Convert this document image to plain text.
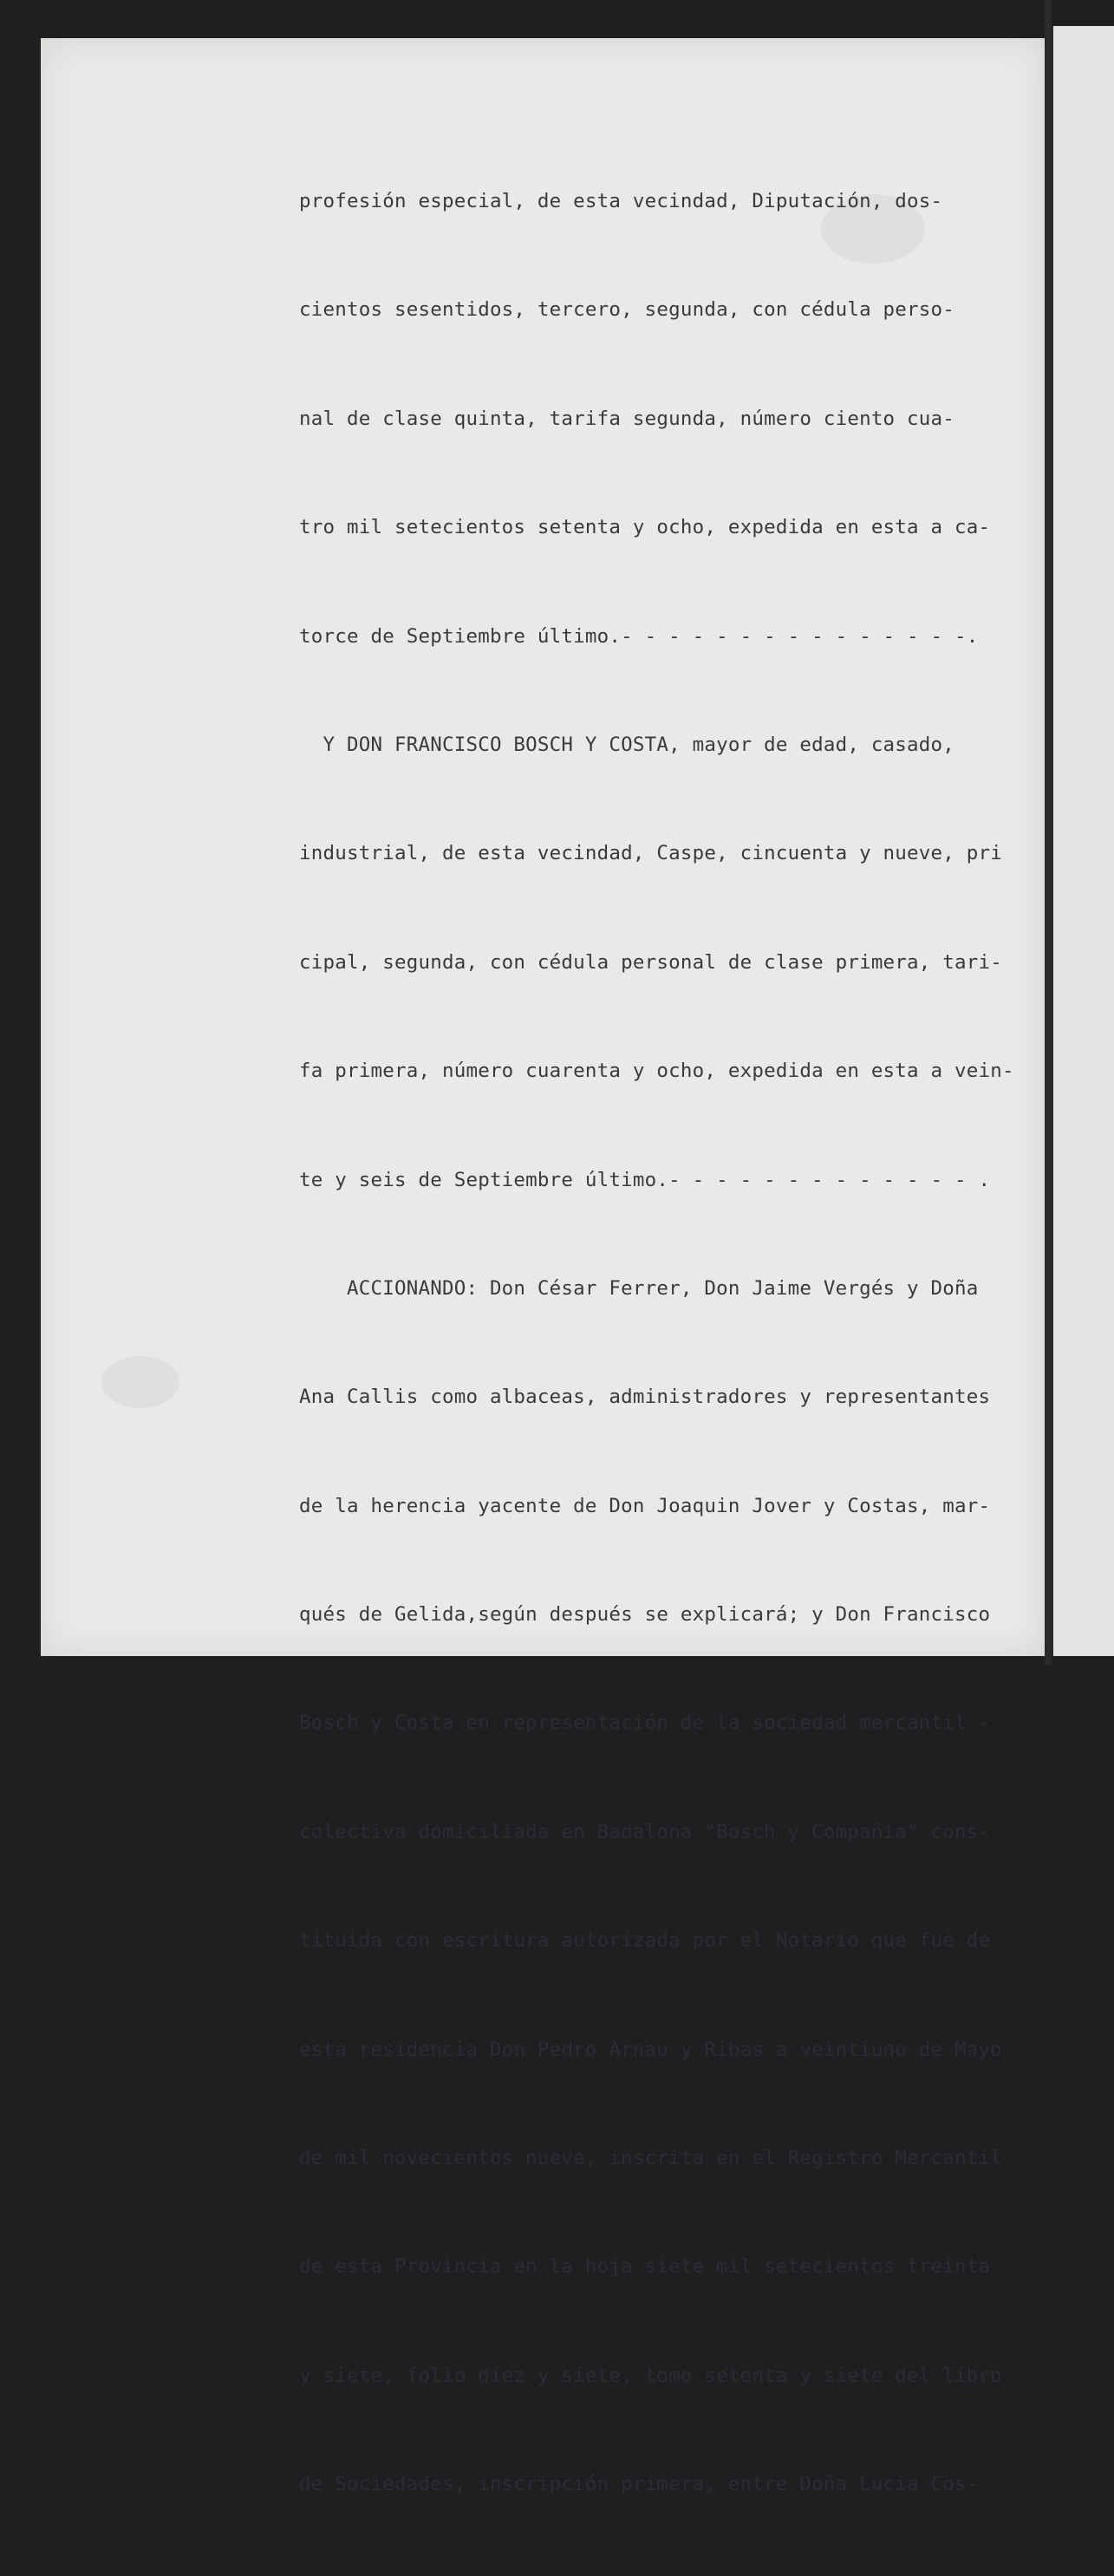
profesión especial, de esta vecindad, Diputación, dos-

cientos sesentidos, tercero, segunda, con cédula perso-

nal de clase quinta, tarifa segunda, número ciento cua-

tro mil setecientos setenta y ocho, expedida en esta a ca-

torce de Septiembre último.- - - - - - - - - - - - - - -.

Y DON FRANCISCO BOSCH Y COSTA, mayor de edad, casado,

industrial, de esta vecindad, Caspe, cincuenta y nueve, pri

cipal, segunda, con cédula personal de clase primera, tari-

fa primera, número cuarenta y ocho, expedida en esta a vein-

te y seis de Septiembre último.- - - - - - - - - - - - - .

ACCIONANDO: Don César Ferrer, Don Jaime Vergés y Doña

Ana Callis como albaceas, administradores y representantes

de la herencia yacente de Don Joaquin Jover y Costas, mar-

qués de Gelida,según después se explicará; y Don Francisco

Bosch y Costa en representación de la sociedad mercantil -

colectiva domiciliada en Badalona "Bosch y Compañia" cons-

tituida con escritura autorizada por el Notario que fué de

esta residencia Don Pedro Arnau y Ribas a veintiuno de Mayo

de mil novecientos nueve, inscrita en el Registro Mercantil

de esta Provincia en la hoja siete mil setecientos treinta

y siete, folio diez y siete, tomo setenta y siete del libro

de Sociedades, inscripción primera, entre Doña Lucia Cos-
